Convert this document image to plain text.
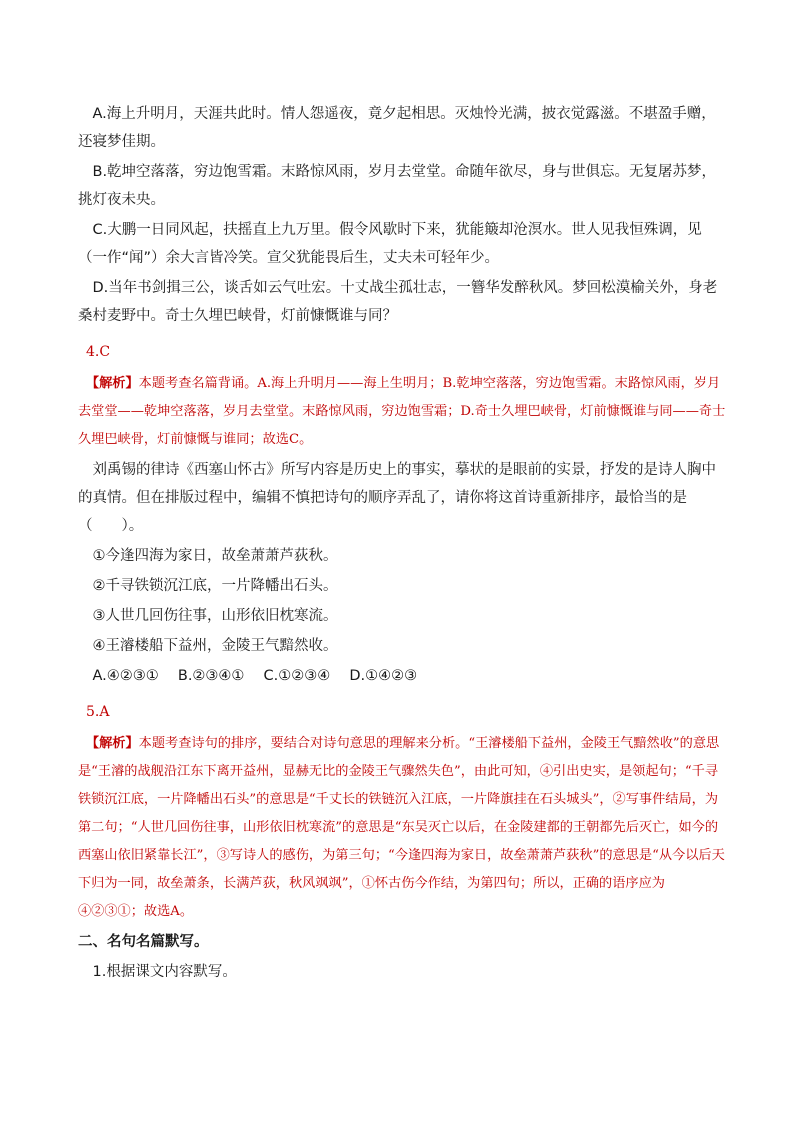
A.海上升明月，天涯共此时。情人怨遥夜，竟夕起相思。灭烛怜光满，披衣觉露滋。不堪盈手赠，还寝梦佳期。

B.乾坤空落落，穷边饱雪霜。末路惊风雨，岁月去堂堂。命随年欲尽，身与世俱忘。无复屠苏梦，挑灯夜未央。

C.大鹏一日同风起，扶摇直上九万里。假令风歇时下来，犹能簸却沧溟水。世人见我恒殊调，见（一作“闻”）余大言皆冷笑。宣父犹能畏后生，丈夫未可轻年少。

D.当年书剑揖三公，谈舌如云气吐宏。十丈战尘孤壮志，一簪华发醉秋风。梦回松漠榆关外，身老桑村麦野中。奇士久埋巴峡骨，灯前慷慨谁与同？

4.C

【解析】本题考查名篇背诵。A.海上升明月——海上生明月；B.乾坤空落落，穷边饱雪霜。末路惊风雨，岁月去堂堂——乾坤空落落，岁月去堂堂。末路惊风雨，穷边饱雪霜；D.奇士久埋巴峡骨，灯前慷慨谁与同——奇士久埋巴峡骨，灯前慷慨与谁同；故选C。

刘禹锡的律诗《西塞山怀古》所写内容是历史上的事实，摹状的是眼前的实景，抒发的是诗人胸中的真情。但在排版过程中，编辑不慎把诗句的顺序弄乱了，请你将这首诗重新排序，最恰当的是（　　）。

①今逢四海为家日，故垒萧萧芦荻秋。

②千寻铁锁沉江底，一片降幡出石头。

③人世几回伤往事，山形依旧枕寒流。

④王濬楼船下益州，金陵王气黯然收。

A.④②③①　 B.②③④①　 C.①②③④　 D.①④②③

5.A

【解析】本题考查诗句的排序，要结合对诗句意思的理解来分析。“王濬楼船下益州，金陵王气黯然收”的意思是“王濬的战舰沿江东下离开益州，显赫无比的金陵王气骤然失色”，由此可知，④引出史实，是领起句；“千寻铁锁沉江底，一片降幡出石头”的意思是“千丈长的铁链沉入江底，一片降旗挂在石头城头”，②写事件结局，为第二句；“人世几回伤往事，山形依旧枕寒流”的意思是“东吴灭亡以后，在金陵建都的王朝都先后灭亡，如今的西塞山依旧紧靠长江”，③写诗人的感伤，为第三句；“今逢四海为家日，故垒萧萧芦荻秋”的意思是“从今以后天下归为一同，故垒萧条，长满芦荻，秋风飒飒”，①怀古伤今作结，为第四句；所以，正确的语序应为④②③①；故选A。

二、名句名篇默写。

1.根据课文内容默写。
